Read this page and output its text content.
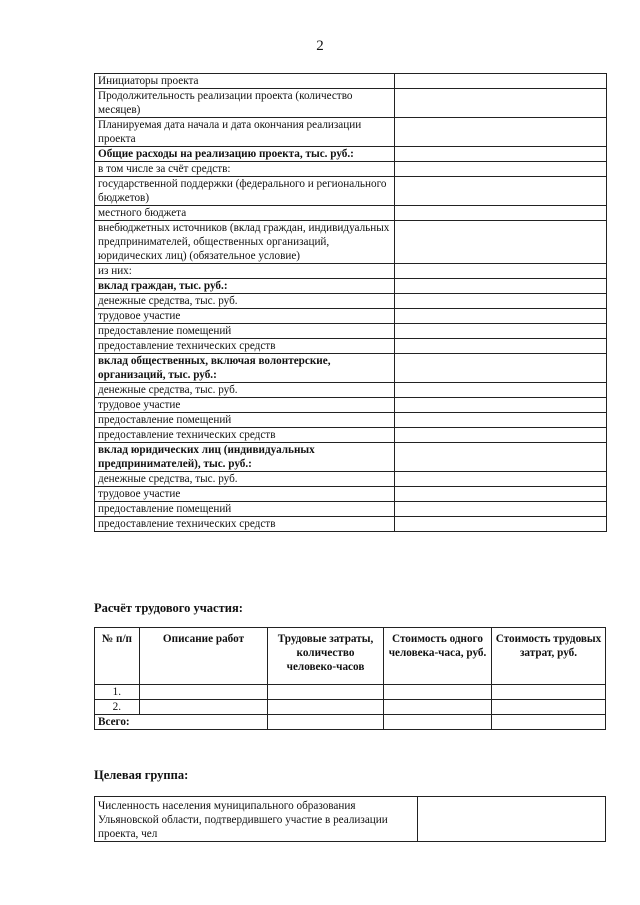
2
Инициаторы проекта	
Продолжительность реализации проекта (количество месяцев)	
Планируемая дата начала и дата окончания реализации проекта	
Общие расходы на реализацию проекта, тыс. руб.:	
в том числе за счёт средств:	
государственной поддержки (федерального и регионального бюджетов)	
местного бюджета	
внебюджетных источников (вклад граждан, индивидуальных предпринимателей, общественных организаций, юридических лиц) (обязательное условие)	
из них:	
вклад граждан, тыс. руб.:	
денежные средства, тыс. руб.	
трудовое участие	
предоставление помещений	
предоставление технических средств	
вклад общественных, включая волонтерские, организаций, тыс. руб.:	
денежные средства, тыс. руб.	
трудовое участие	
предоставление помещений	
предоставление технических средств	
вклад юридических лиц (индивидуальных предпринимателей), тыс. руб.:	
денежные средства, тыс. руб.	
трудовое участие	
предоставление помещений	
предоставление технических средств	
Расчёт трудового участия:
№ п/п	Описание работ	Трудовые затраты, количество человеко-часов	Стоимость одного человека-часа, руб.	Стоимость трудовых затрат, руб.
1.				
2.				
Всего:				
Целевая группа:
Численность населения муниципального образования Ульяновской области, подтвердившего участие в реализации проекта, чел	
